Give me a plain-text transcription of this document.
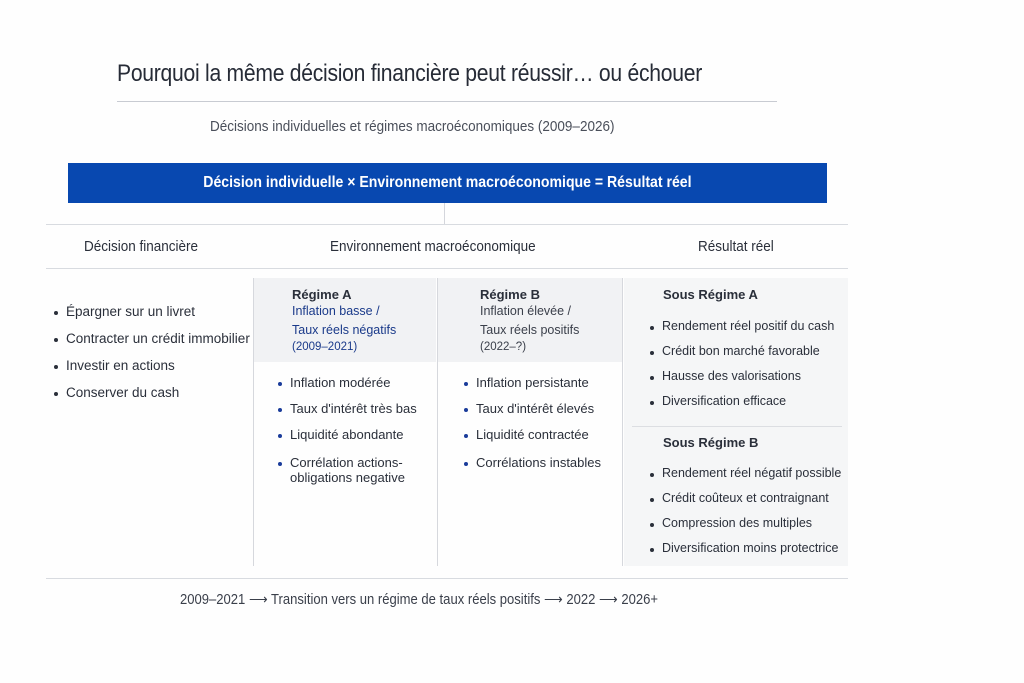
Pourquoi la même décision financière peut réussir… ou échouer
Décisions individuelles et régimes macroéconomiques (2009–2026)
Décision individuelle × Environnement macroéconomique = Résultat réel
Décision financière	Environnement macroéconomique	Résultat réel
Épargner sur un livret
Contracter un crédit immobilier
Investir en actions
Conserver du cash
Régime A
Inflation basse /
Taux réels négatifs
(2009–2021)
Inflation modérée
Taux d'intérêt très bas
Liquidité abondante
Corrélation actions-
obligations negative
Régime B
Inflation élevée /
Taux réels positifs
(2022–?)
Inflation persistante
Taux d'intérêt élevés
Liquidité contractée
Corrélations instables
Sous Régime A
Rendement réel positif du cash
Crédit bon marché favorable
Hausse des valorisations
Diversification efficace
Sous Régime B
Rendement réel négatif possible
Crédit coûteux et contraignant
Compression des multiples
Diversification moins protectrice
2009–2021 ⟶ Transition vers un régime de taux réels positifs ⟶ 2022 ⟶ 2026+
